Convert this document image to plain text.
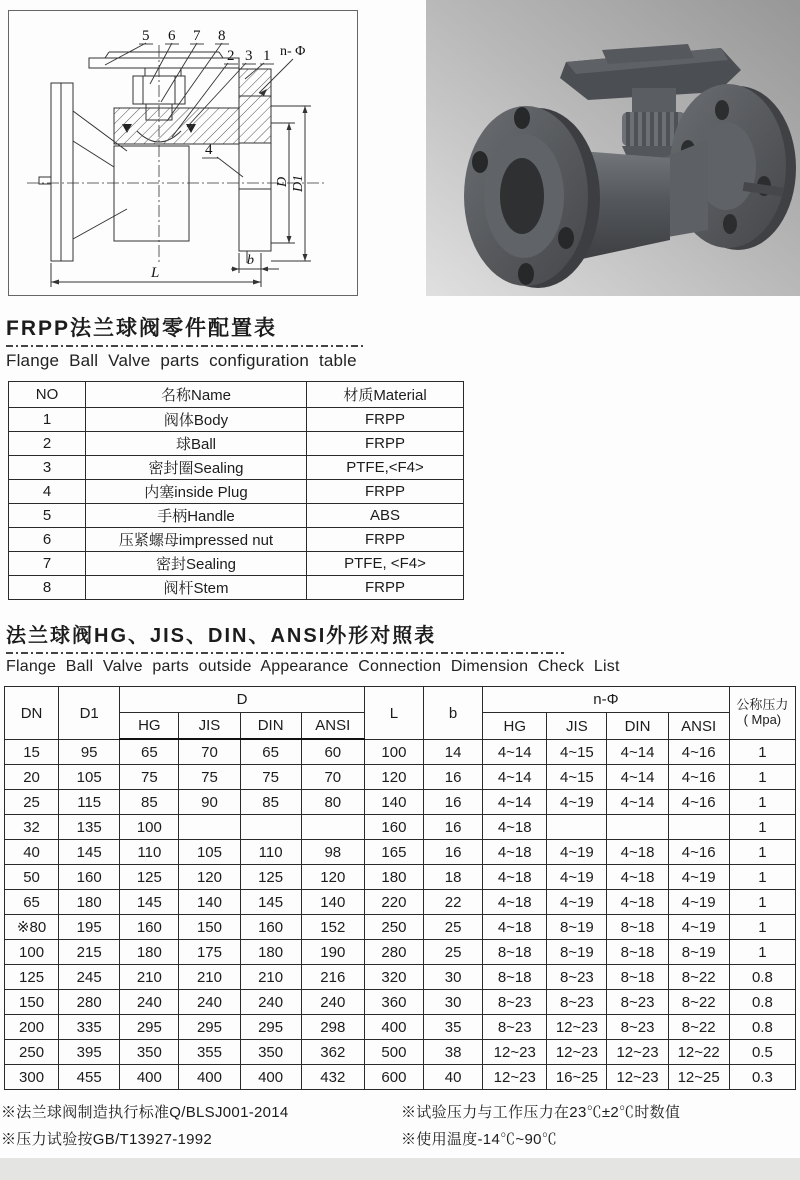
5 6 7 8
2 3 1
4
n- Φ
D D1
L
b
FRPP法兰球阀零件配置表
Flange Ball Valve parts configuration table
NO	名称Name	材质Material
1	阀体Body	FRPP
2	球Ball	FRPP
3	密封圈Sealing	PTFE,<F4>
4	内塞inside Plug	FRPP
5	手柄Handle	ABS
6	压紧螺母impressed nut	FRPP
7	密封Sealing	PTFE, <F4>
8	阀杆Stem	FRPP
法兰球阀HG、JIS、DIN、ANSI外形对照表
Flange Ball Valve parts outside Appearance Connection Dimension Check List
DN	D1	D				L	b	n-Φ				公称压力
( Mpa)
		HG	JIS	DIN	ANSI			HG	JIS	DIN	ANSI	
15	95	65	70	65	60	100	14	4~14	4~15	4~14	4~16	1
20	105	75	75	75	70	120	16	4~14	4~15	4~14	4~16	1
25	115	85	90	85	80	140	16	4~14	4~19	4~14	4~16	1
32	135	100				160	16	4~18				1
40	145	110	105	110	98	165	16	4~18	4~19	4~18	4~16	1
50	160	125	120	125	120	180	18	4~18	4~19	4~18	4~19	1
65	180	145	140	145	140	220	22	4~18	4~19	4~18	4~19	1
※80	195	160	150	160	152	250	25	4~18	8~19	8~18	4~19	1
100	215	180	175	180	190	280	25	8~18	8~19	8~18	8~19	1
125	245	210	210	210	216	320	30	8~18	8~23	8~18	8~22	0.8
150	280	240	240	240	240	360	30	8~23	8~23	8~23	8~22	0.8
200	335	295	295	295	298	400	35	8~23	12~23	8~23	8~22	0.8
250	395	350	355	350	362	500	38	12~23	12~23	12~23	12~22	0.5
300	455	400	400	400	432	600	40	12~23	16~25	12~23	12~25	0.3
※法兰球阀制造执行标准Q/BLSJ001-2014	※试验压力与工作压力在23℃±2℃时数值
※压力试验按GB/T13927-1992	※使用温度-14℃~90℃
